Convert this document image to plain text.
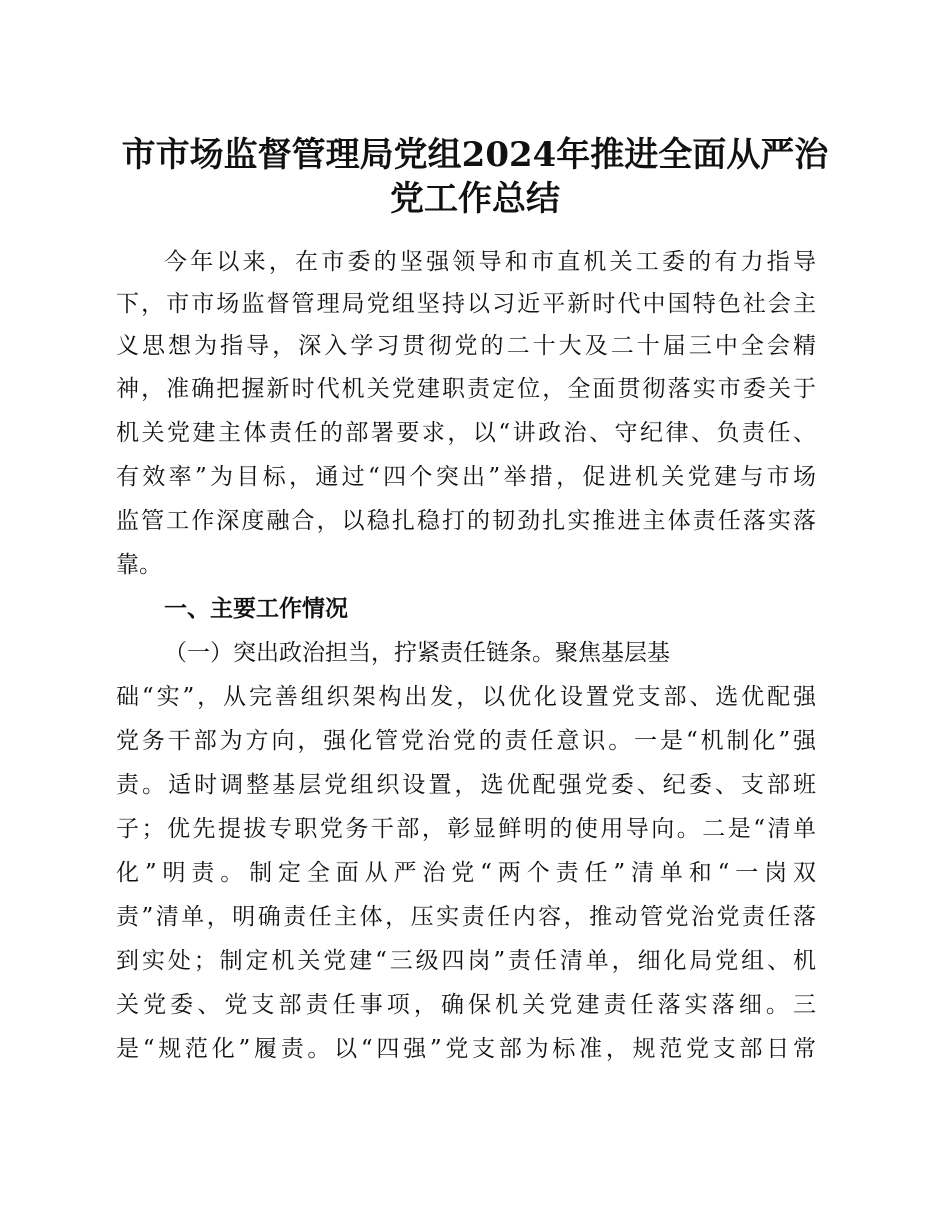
市市场监督管理局党组2024年推进全面从严治
党工作总结

今年以来，在市委的坚强领导和市直机关工委的有力指导

下，市市场监督管理局党组坚持以习近平新时代中国特色社会主

义思想为指导，深入学习贯彻党的二十大及二十届三中全会精

神，准确把握新时代机关党建职责定位，全面贯彻落实市委关于

机关党建主体责任的部署要求，以“讲政治、守纪律、负责任、

有效率”为目标，通过“四个突出”举措，促进机关党建与市场

监管工作深度融合，以稳扎稳打的韧劲扎实推进主体责任落实落

靠。

一、主要工作情况

（一）突出政治担当，拧紧责任链条。聚焦基层基

础“实”，从完善组织架构出发，以优化设置党支部、选优配强

党务干部为方向，强化管党治党的责任意识。一是“机制化”强

责。适时调整基层党组织设置，选优配强党委、纪委、支部班

子；优先提拔专职党务干部，彰显鲜明的使用导向。二是“清单

化”明责。制定全面从严治党“两个责任”清单和“一岗双

责”清单，明确责任主体，压实责任内容，推动管党治党责任落

到实处；制定机关党建“三级四岗”责任清单，细化局党组、机

关党委、党支部责任事项，确保机关党建责任落实落细。三

是“规范化”履责。以“四强”党支部为标准，规范党支部日常
